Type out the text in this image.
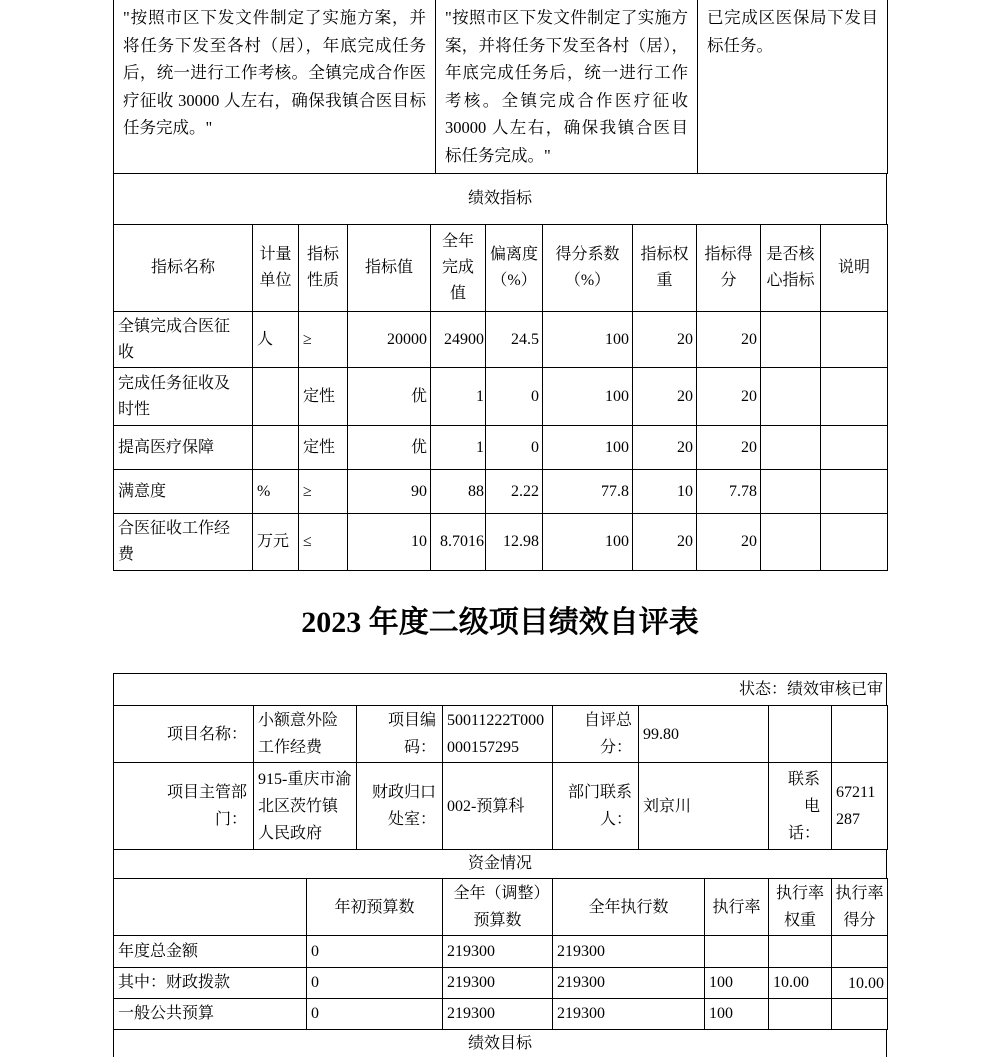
"按照市区下发文件制定了实施方案，并将任务下发至各村（居），年底完成任务后，统一进行工作考核。全镇完成合作医疗征收 30000 人左右，确保我镇合医目标任务完成。"	"按照市区下发文件制定了实施方案，并将任务下发至各村（居），年底完成任务后，统一进行工作考核。全镇完成合作医疗征收 30000 人左右，确保我镇合医目标任务完成。"	已完成区医保局下发目标任务。
绩效指标
指标名称	计量单位	指标性质	指标值	全年完成值	偏离度（%）	得分系数（%）	指标权重	指标得分	是否核心指标	说明
全镇完成合医征收	人	≥	20000	24900	24.5	100	20	20		
完成任务征收及时性		定性	优	1	0	100	20	20		
提高医疗保障		定性	优	1	0	100	20	20		
满意度	%	≥	90	88	2.22	77.8	10	7.78		
合医征收工作经费	万元	≤	10	8.7016	12.98	100	20	20		
2023 年度二级项目绩效自评表
状态：绩效审核已审
项目名称：	小额意外险工作经费	项目编码：	50011222T000000157295	自评总分：	99.80		
项目主管部门：	915-重庆市渝北区茨竹镇人民政府	财政归口处室：	002-预算科	部门联系人：	刘京川	联系电话：	67211287
资金情况
	年初预算数	全年（调整）预算数	全年执行数	执行率	执行率权重	执行率得分
年度总金额	0	219300	219300			
其中：财政拨款	0	219300	219300	100	10.00	10.00
一般公共预算	0	219300	219300	100		
绩效目标
